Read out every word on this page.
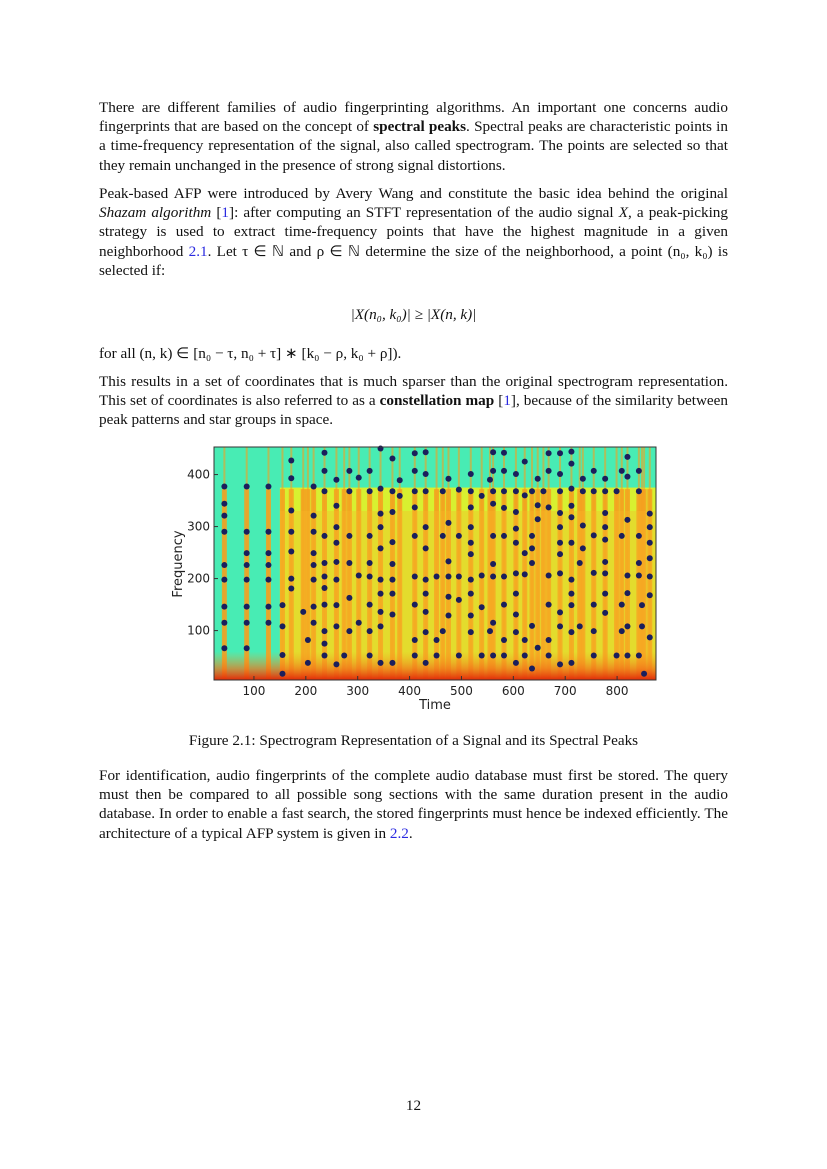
There are different families of audio fingerprinting algorithms. An important one concerns audio fingerprints that are based on the concept of spectral peaks. Spectral peaks are characteristic points in a time-frequency representation of the signal, also called spectrogram. The points are selected so that they remain unchanged in the presence of strong signal distortions.

Peak-based AFP were introduced by Avery Wang and constitute the basic idea behind the original Shazam algorithm [1]: after computing an STFT representation of the audio signal X, a peak-picking strategy is used to extract time-frequency points that have the highest magnitude in a given neighborhood 2.1. Let τ ∈ ℕ and ρ ∈ ℕ determine the size of the neighborhood, a point (n₀, k₀) is selected if:

|X(n₀, k₀)| ≥ |X(n, k)|

for all (n, k) ∈ [n₀ − τ, n₀ + τ] ∗ [k₀ − ρ, k₀ + ρ]).

This results in a set of coordinates that is much sparser than the original spectrogram representation. This set of coordinates is also referred to as a constellation map [1], because of the similarity between peak patterns and star groups in space.

100 200 300 400 500 600 700 800
100
200
300
400
Time
Frequency
Figure 2.1: Spectrogram Representation of a Signal and its Spectral Peaks

For identification, audio fingerprints of the complete audio database must first be stored. The query must then be compared to all possible song sections with the same duration present in the audio database. In order to enable a fast search, the stored fingerprints must hence be indexed efficiently. The architecture of a typical AFP system is given in 2.2.

12
